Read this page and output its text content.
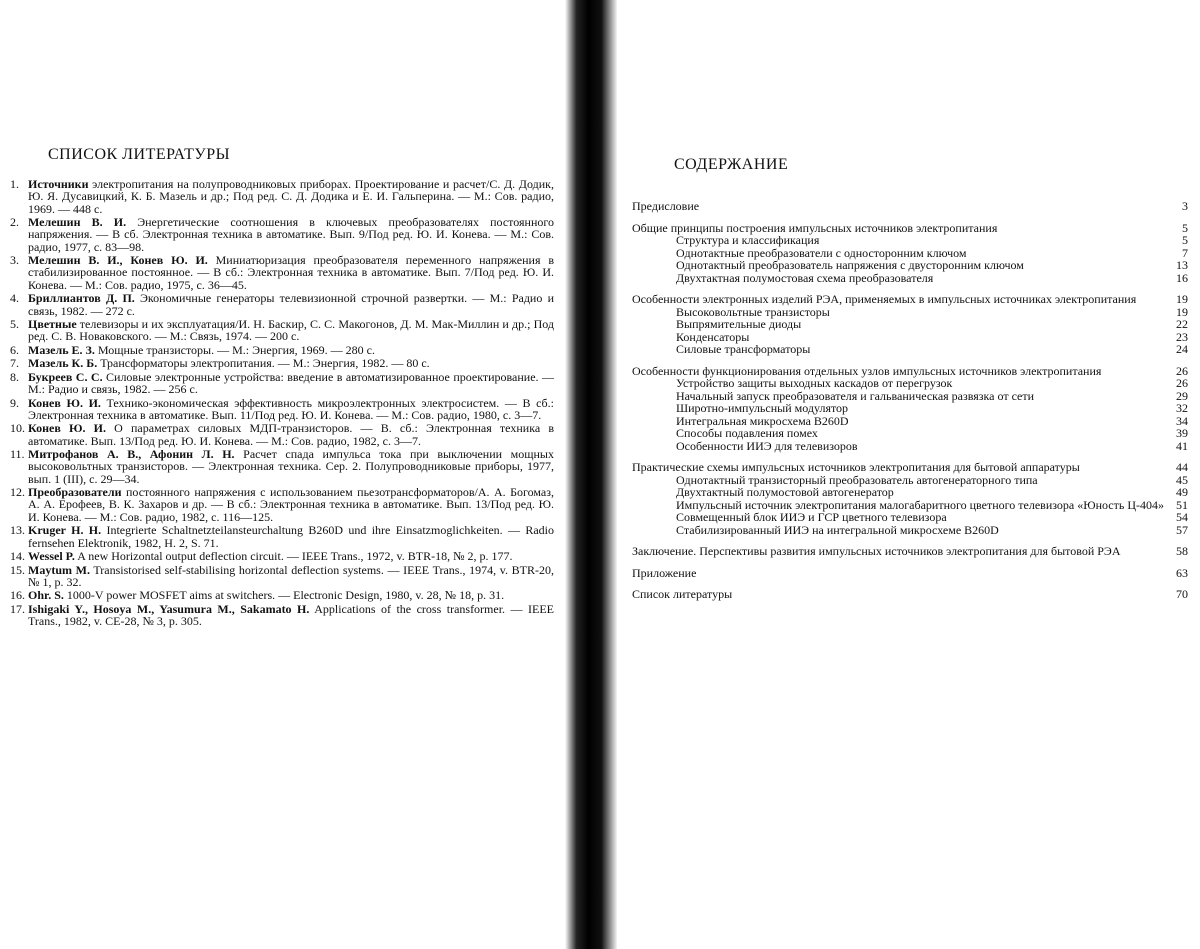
СПИСОК ЛИТЕРАТУРЫ
1. Источники электропитания на полупроводниковых приборах. Проектирование и расчет/С. Д. Додик, Ю. Я. Дусавицкий, К. Б. Мазель и др.; Под ред. С. Д. Додика и Е. И. Гальперина. — М.: Сов. радио, 1969. — 448 с.
2. Мелешин В. И. Энергетические соотношения в ключевых преобразователях постоянного напряжения. — В сб. Электронная техника в автоматике. Вып. 9/Под ред. Ю. И. Конева. — М.: Сов. радио, 1977, с. 83—98.
3. Мелешин В. И., Конев Ю. И. Миниатюризация преобразователя переменного напряжения в стабилизированное постоянное. — В сб.: Электронная техника в автоматике. Вып. 7/Под ред. Ю. И. Конева. — М.: Сов. радио, 1975, с. 36—45.
4. Бриллиантов Д. П. Экономичные генераторы телевизионной строчной развертки. — М.: Радио и связь, 1982. — 272 с.
5. Цветные телевизоры и их эксплуатация/И. Н. Баскир, С. С. Макогонов, Д. М. Мак-Миллин и др.; Под ред. С. В. Новаковского. — М.: Связь, 1974. — 200 с.
6. Мазель Е. З. Мощные транзисторы. — М.: Энергия, 1969. — 280 с.
7. Мазель К. Б. Трансформаторы электропитания. — М.: Энергия, 1982. — 80 с.
8. Букреев С. С. Силовые электронные устройства: введение в автоматизированное проектирование. — М.: Радио и связь, 1982. — 256 с.
9. Конев Ю. И. Технико-экономическая эффективность микроэлектронных электросистем. — В сб.: Электронная техника в автоматике. Вып. 11/Под ред. Ю. И. Конева. — М.: Сов. радио, 1980, с. 3—7.
10. Конев Ю. И. О параметрах силовых МДП-транзисторов. — В. сб.: Электронная техника в автоматике. Вып. 13/Под ред. Ю. И. Конева. — М.: Сов. радио, 1982, с. 3—7.
11. Митрофанов А. В., Афонин Л. Н. Расчет спада импульса тока при выключении мощных высоковольтных транзисторов. — Электронная техника. Сер. 2. Полупроводниковые приборы, 1977, вып. 1 (III), с. 29—34.
12. Преобразователи постоянного напряжения с использованием пьезотрансформаторов/А. А. Богомаз, А. А. Ерофеев, В. К. Захаров и др. — В сб.: Электронная техника в автоматике. Вып. 13/Под ред. Ю. И. Конева. — М.: Сов. радио, 1982, с. 116—125.
13. Kruger H. H. Integrierte Schaltnetzteilansteurchaltung B260D und ihre Einsatzmoglichkeiten. — Radio fernsehen Elektronik, 1982, H. 2, S. 71.
14. Wessel P. A new Horizontal output deflection circuit. — IEEE Trans., 1972, v. BTR-18, № 2, p. 177.
15. Maytum M. Transistorised self-stabilising horizontal deflection systems. — IEEE Trans., 1974, v. BTR-20, № 1, p. 32.
16. Ohr. S. 1000-V power MOSFET aims at switchers. — Electronic Design, 1980, v. 28, № 18, p. 31.
17. Ishigaki Y., Hosoya M., Yasumura M., Sakamato H. Applications of the cross transformer. — IEEE Trans., 1982, v. CE-28, № 3, p. 305.
СОДЕРЖАНИЕ
Предисловие	3
Общие принципы построения импульсных источников электропитания	5
Структура и классификация	5
Однотактные преобразователи с односторонним ключом	7
Однотактный преобразователь напряжения с двусторонним ключом	13
Двухтактная полумостовая схема преобразователя	16
Особенности электронных изделий РЭА, применяемых в импульсных источниках электропитания	19
Высоковольтные транзисторы	19
Выпрямительные диоды	22
Конденсаторы	23
Силовые трансформаторы	24
Особенности функционирования отдельных узлов импульсных источников электропитания	26
Устройство защиты выходных каскадов от перегрузок	26
Начальный запуск преобразователя и гальваническая развязка от сети	29
Широтно-импульсный модулятор	32
Интегральная микросхема B260D	34
Способы подавления помех	39
Особенности ИИЭ для телевизоров	41
Практические схемы импульсных источников электропитания для бытовой аппаратуры	44
Однотактный транзисторный преобразователь автогенераторного типа	45
Двухтактный полумостовой автогенератор	49
Импульсный источник электропитания малогабаритного цветного телевизора «Юность Ц-404»	51
Совмещенный блок ИИЭ и ГСР цветного телевизора	54
Стабилизированный ИИЭ на интегральной микросхеме B260D	57
Заключение. Перспективы развития импульсных источников электропитания для бытовой РЭА	58
Приложение	63
Список литературы	70
